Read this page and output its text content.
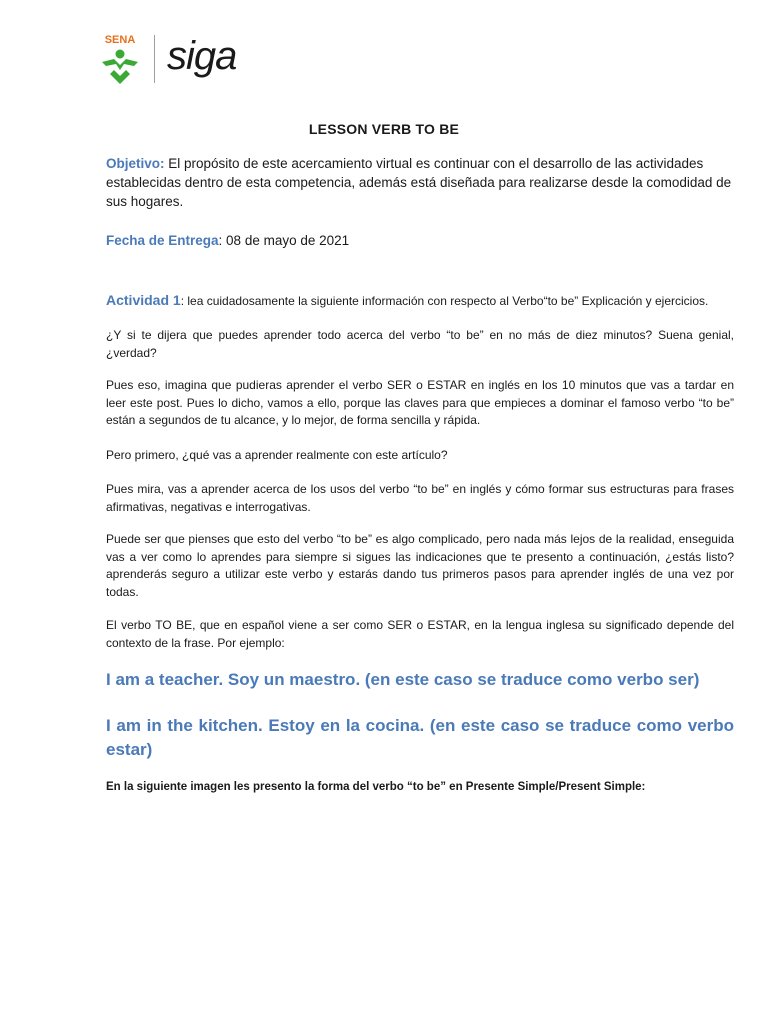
SENA siga
LESSON VERB TO BE
Objetivo: El propósito de este acercamiento virtual es continuar con el desarrollo de las actividades establecidas dentro de esta competencia, además está diseñada para realizarse desde la comodidad de sus hogares.
Fecha de Entrega: 08 de mayo de 2021
Actividad 1: lea cuidadosamente la siguiente información con respecto al Verbo“to be” Explicación y ejercicios.
¿Y si te dijera que puedes aprender todo acerca del verbo “to be” en no más de diez minutos? Suena genial, ¿verdad?
Pues eso, imagina que pudieras aprender el verbo SER o ESTAR en inglés en los 10 minutos que vas a tardar en leer este post. Pues lo dicho, vamos a ello, porque las claves para que empieces a dominar el famoso verbo “to be” están a segundos de tu alcance, y lo mejor, de forma sencilla y rápida.
Pero primero, ¿qué vas a aprender realmente con este artículo?
Pues mira, vas a aprender acerca de los usos del verbo “to be” en inglés y cómo formar sus estructuras para frases afirmativas, negativas e interrogativas.
Puede ser que pienses que esto del verbo “to be” es algo complicado, pero nada más lejos de la realidad, enseguida vas a ver como lo aprendes para siempre si sigues las indicaciones que te presento a continuación, ¿estás listo?aprenderás seguro a utilizar este verbo y estarás dando tus primeros pasos para aprender inglés de una vez por todas.
El verbo TO BE, que en español viene a ser como SER o ESTAR, en la lengua inglesa su significado depende del contexto de la frase. Por ejemplo:
I am a teacher. Soy un maestro. (en este caso se traduce como verbo ser)
I am in the kitchen. Estoy en la cocina. (en este caso se traduce como verbo estar)
En la siguiente imagen les presento la forma del verbo “to be” en Presente Simple/Present Simple:
